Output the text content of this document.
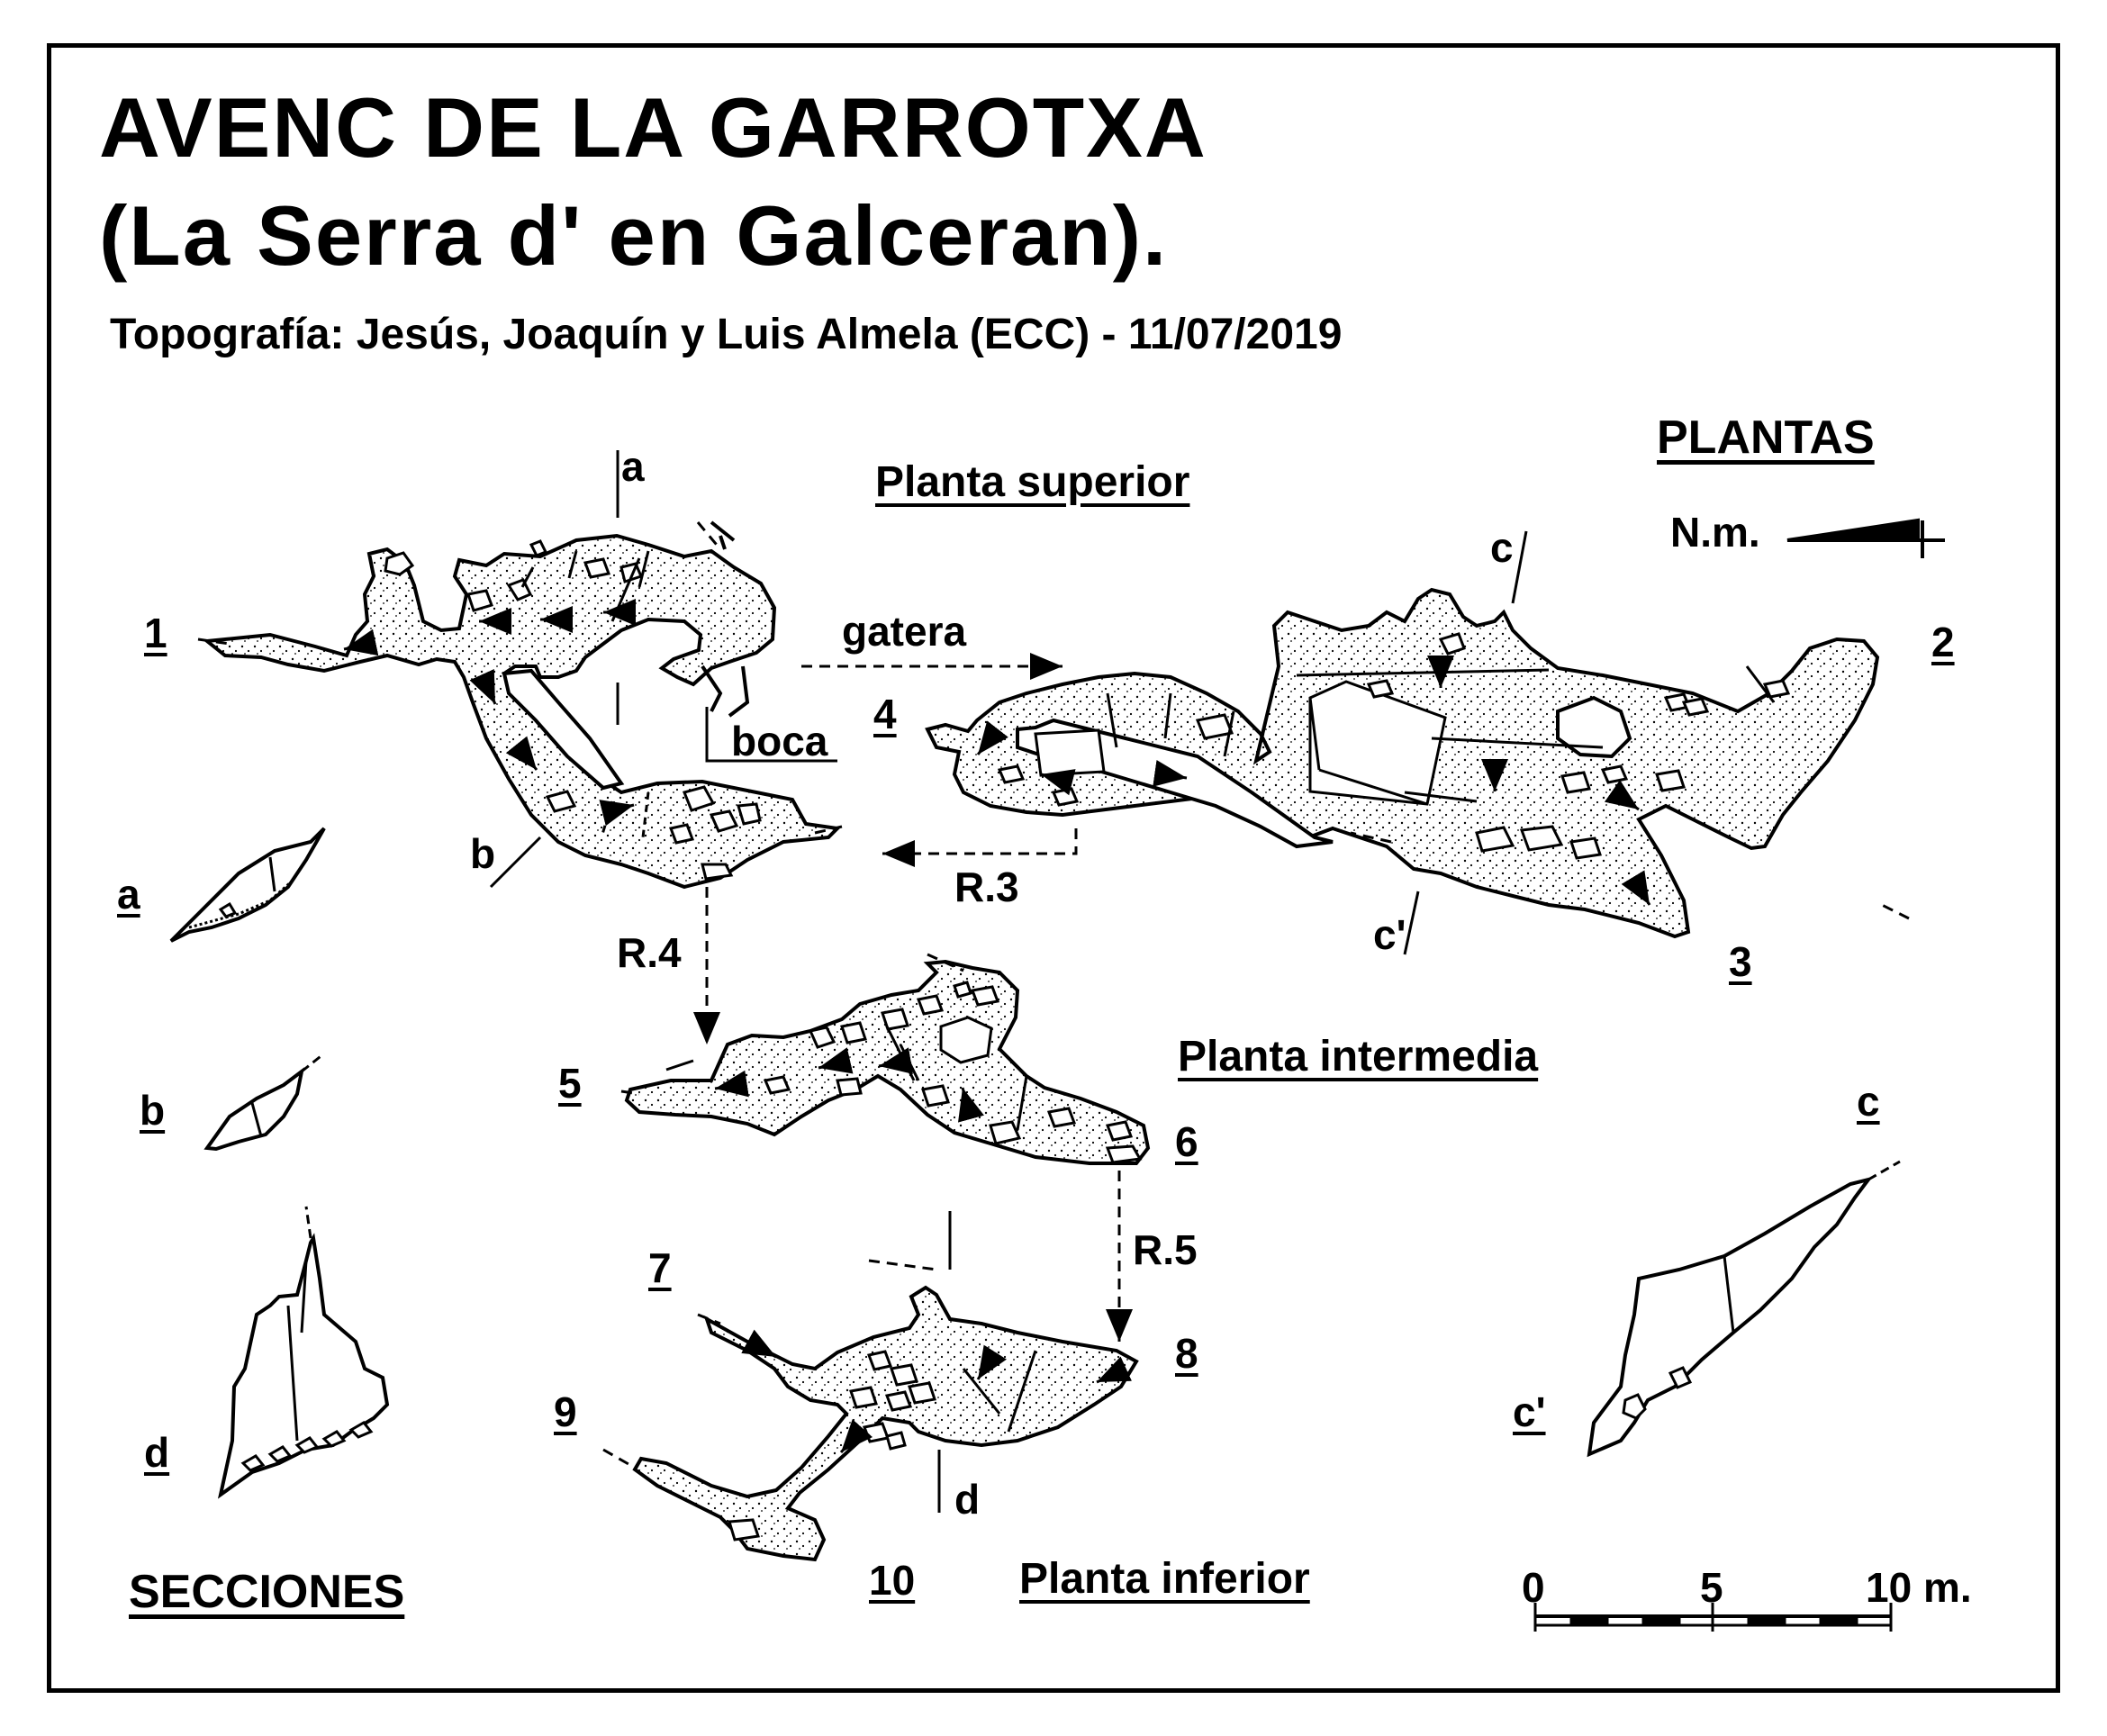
AVENC DE LA GARROTXA
(La Serra d' en Galceran).
Topografía: Jesús, Joaquín y Luis Almela (ECC) - 11/07/2019
PLANTAS
Planta superior
Planta intermedia
Planta inferior
SECCIONES
N.m.
1	2
3
4
5
6
7
8
9
10
a
b
c
c'
d
a
b	c
c'
d
gatera
boca
R.3
R.4
R.5
0	5	10 m.
